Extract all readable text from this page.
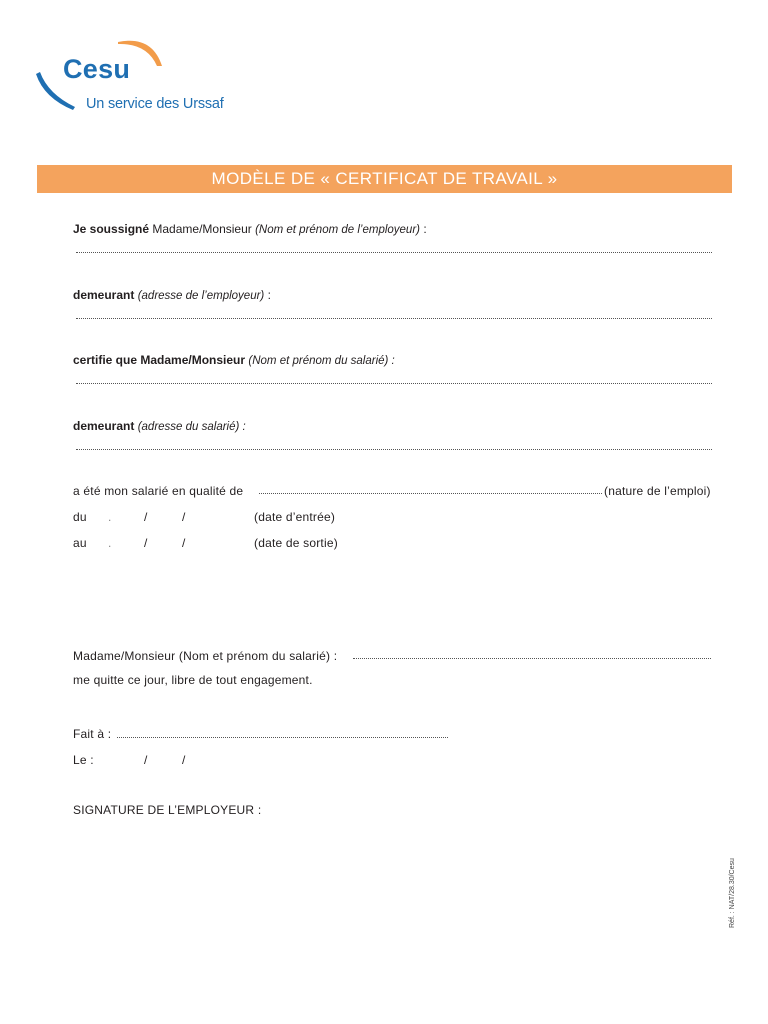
Cesu
Un service des Urssaf
MODÈLE DE « CERTIFICAT DE TRAVAIL »
Je soussigné Madame/Monsieur (Nom et prénom de l’employeur) :
demeurant (adresse de l’employeur) :
certifie que Madame/Monsieur (Nom et prénom du salarié) :
demeurant (adresse du salarié) :
a été mon salarié en qualité de	(nature de l’emploi)
du .	/	/	(date d’entrée)
au .	/	/	(date de sortie)
Madame/Monsieur (Nom et prénom du salarié) :
me quitte ce jour, libre de tout engagement.
Fait à :
Le :	/	/
SIGNATURE DE L’EMPLOYEUR :
Réf. : NAT/28.30/Cesu
